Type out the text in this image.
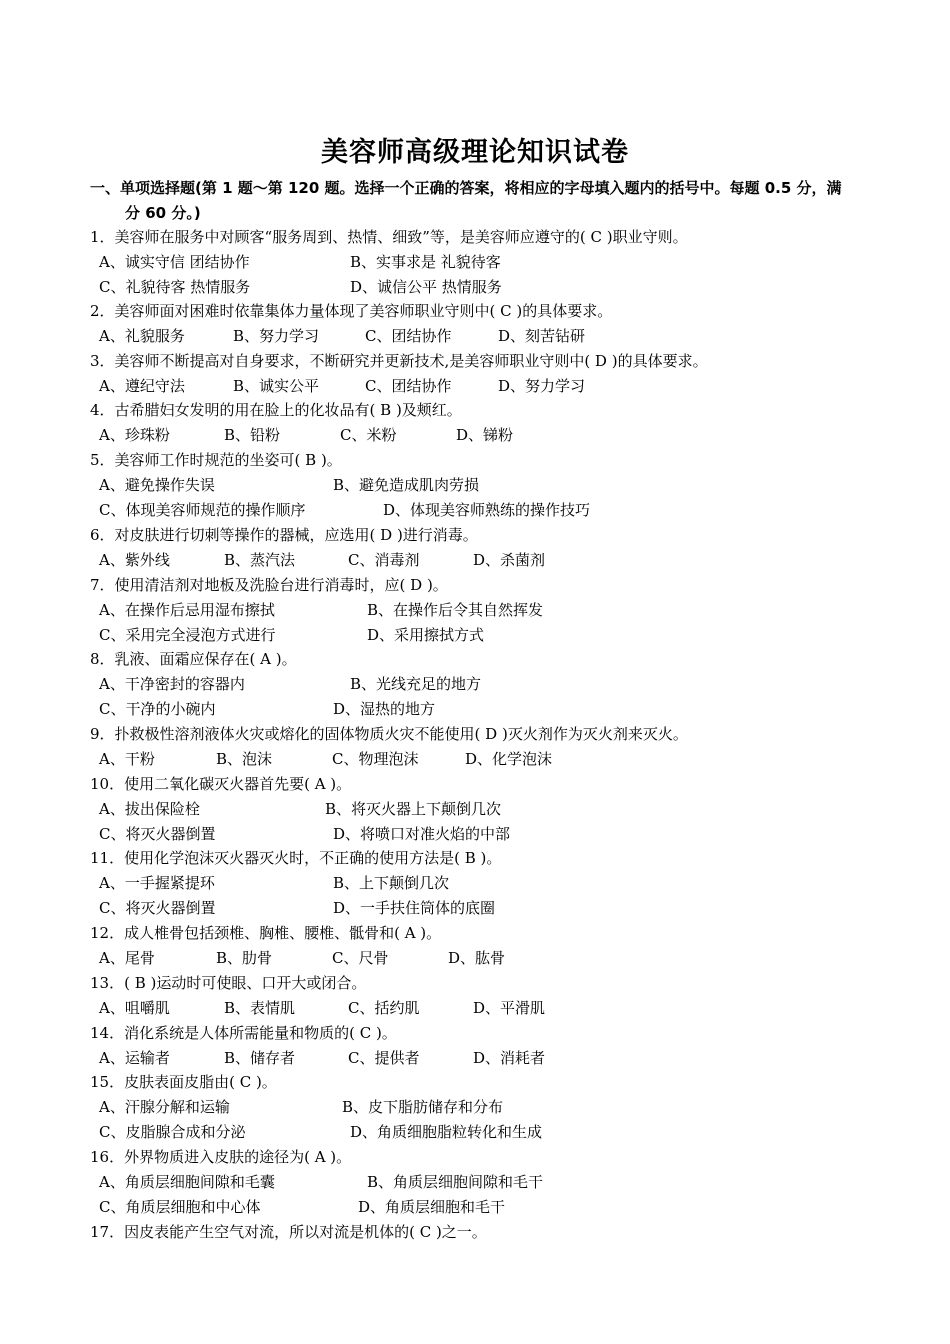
美容师高级理论知识试卷
一、单项选择题(第 1 题～第 120 题。选择一个正确的答案，将相应的字母填入题内的括号中。每题 0.5 分，满
分 60 分。)
1．美容师在服务中对顾客“服务周到、热情、细致”等，是美容师应遵守的( C )职业守则。
A、诚实守信 团结协作	B、实事求是 礼貌待客
C、礼貌待客 热情服务	D、诚信公平 热情服务
2．美容师面对困难时依靠集体力量体现了美容师职业守则中( C )的具体要求。
A、礼貌服务	B、努力学习	C、团结协作	D、刻苦钻研
3．美容师不断提高对自身要求，不断研究并更新技术,是美容师职业守则中( D )的具体要求。
A、遵纪守法	B、诚实公平	C、团结协作	D、努力学习
4．古希腊妇女发明的用在脸上的化妆品有( B )及颊红。
A、珍珠粉	B、铅粉	C、米粉	D、锑粉
5．美容师工作时规范的坐姿可( B )。
A、避免操作失误	B、避免造成肌肉劳损
C、体现美容师规范的操作顺序	D、体现美容师熟练的操作技巧
6．对皮肤进行切刺等操作的器械，应选用( D )进行消毒。
A、紫外线	B、蒸汽法	C、消毒剂	D、杀菌剂
7．使用清洁剂对地板及洗脸台进行消毒时，应( D )。
A、在操作后忌用湿布擦拭	B、在操作后令其自然挥发
C、采用完全浸泡方式进行	D、采用擦拭方式
8．乳液、面霜应保存在( A )。
A、干净密封的容器内	B、光线充足的地方
C、干净的小碗内	D、湿热的地方
9．扑救极性溶剂液体火灾或熔化的固体物质火灾不能使用( D )灭火剂作为灭火剂来灭火。
A、干粉	B、泡沫	C、物理泡沫	D、化学泡沫
10．使用二氧化碳灭火器首先要( A )。
A、拔出保险栓	B、将灭火器上下颠倒几次
C、将灭火器倒置	D、将喷口对准火焰的中部
11．使用化学泡沫灭火器灭火时，不正确的使用方法是( B )。
A、一手握紧提环	B、上下颠倒几次
C、将灭火器倒置	D、一手扶住筒体的底圈
12．成人椎骨包括颈椎、胸椎、腰椎、骶骨和( A )。
A、尾骨	B、肋骨	C、尺骨	D、肱骨
13．( B )运动时可使眼、口开大或闭合。
A、咀嚼肌	B、表情肌	C、括约肌	D、平滑肌
14．消化系统是人体所需能量和物质的( C )。
A、运输者	B、储存者	C、提供者	D、消耗者
15．皮肤表面皮脂由( C )。
A、汗腺分解和运输	B、皮下脂肪储存和分布
C、皮脂腺合成和分泌	D、角质细胞脂粒转化和生成
16．外界物质进入皮肤的途径为( A )。
A、角质层细胞间隙和毛囊	B、角质层细胞间隙和毛干
C、角质层细胞和中心体	D、角质层细胞和毛干
17．因皮表能产生空气对流，所以对流是机体的( C )之一。
